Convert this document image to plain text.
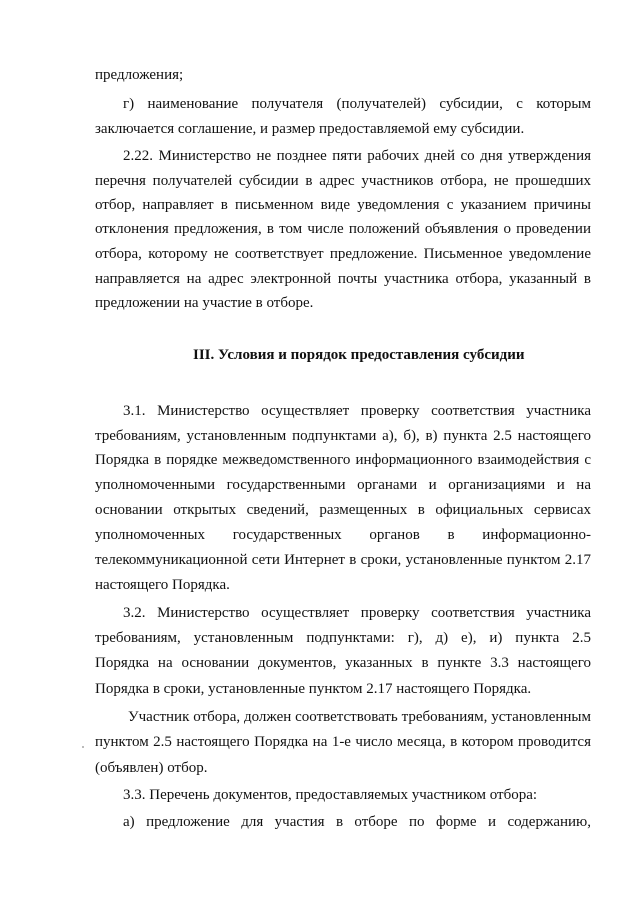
предложения;
г) наименование получателя (получателей) субсидии, с которым
заключается соглашение, и размер предоставляемой ему субсидии.
2.22. Министерство не позднее пяти рабочих дней со дня утверждения
перечня получателей субсидии в адрес участников отбора, не прошедших
отбор, направляет в письменном виде уведомления с указанием причины
отклонения предложения, в том числе положений объявления о проведении
отбора, которому не соответствует предложение. Письменное уведомление
направляется на адрес электронной почты участника отбора, указанный в
предложении на участие в отборе.
III. Условия и порядок предоставления субсидии
3.1. Министерство осуществляет проверку соответствия участника
требованиям, установленным подпунктами а), б), в) пункта 2.5 настоящего
Порядка в порядке межведомственного информационного взаимодействия с
уполномоченными государственными органами и организациями и на
основании открытых сведений, размещенных в официальных сервисах
уполномоченных государственных органов в информационно-
телекоммуникационной сети Интернет в сроки, установленные пунктом 2.17
настоящего Порядка.
3.2. Министерство осуществляет проверку соответствия участника
требованиям, установленным подпунктами: г), д) е), и) пункта 2.5
Порядка на основании документов, указанных в пункте 3.3 настоящего
Порядка в сроки, установленные пунктом 2.17 настоящего Порядка.
Участник отбора, должен соответствовать требованиям, установленным
пунктом 2.5 настоящего Порядка на 1-е число месяца, в котором проводится
(объявлен) отбор.
3.3. Перечень документов, предоставляемых участником отбора:
а) предложение для участия в отборе по форме и содержанию,
